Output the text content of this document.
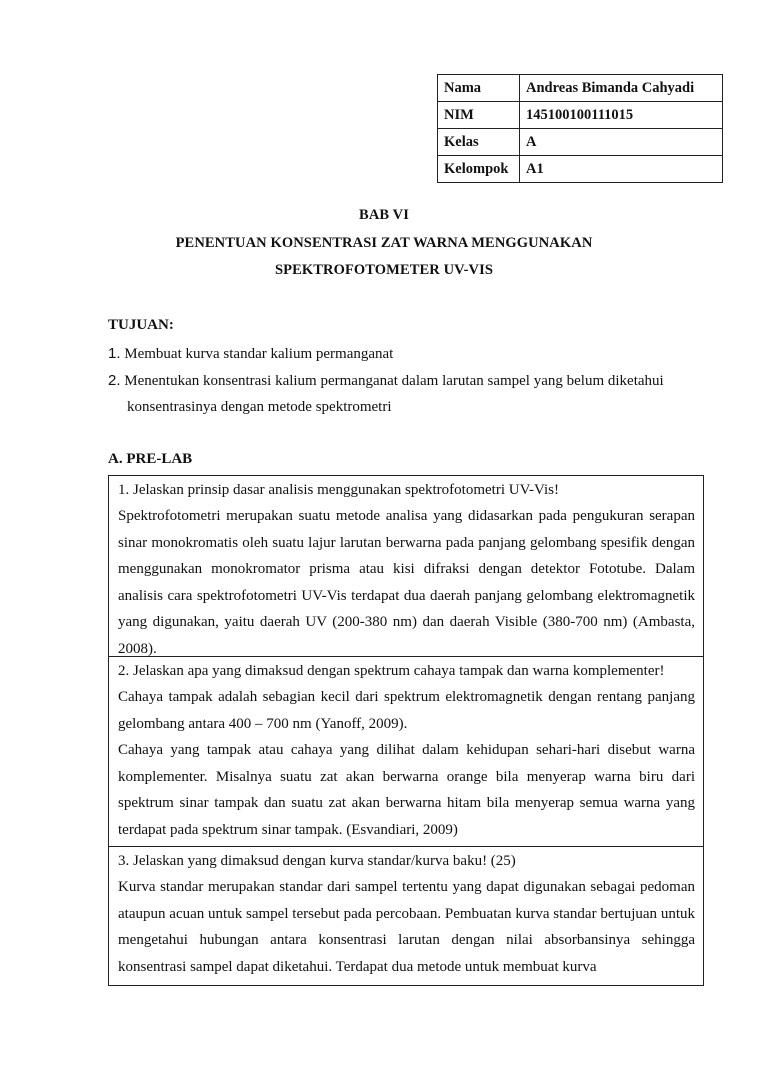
Nama	Andreas Bimanda Cahyadi
NIM	145100100111015
Kelas	A
Kelompok	A1
BAB VI
PENENTUAN KONSENTRASI ZAT WARNA MENGGUNAKAN
SPEKTROFOTOMETER UV-VIS
TUJUAN:
1. Membuat kurva standar kalium permanganat
2. Menentukan konsentrasi kalium permanganat dalam larutan sampel yang belum diketahui
konsentrasinya dengan metode spektrometri
A. PRE-LAB
1. Jelaskan prinsip dasar analisis menggunakan spektrofotometri UV-Vis!

Spektrofotometri merupakan suatu metode analisa yang didasarkan pada pengukuran serapan sinar monokromatis oleh suatu lajur larutan berwarna pada panjang gelombang spesifik dengan menggunakan monokromator prisma atau kisi difraksi dengan detektor Fototube. Dalam analisis cara spektrofotometri UV-Vis terdapat dua daerah panjang gelombang elektromagnetik yang digunakan, yaitu daerah UV (200-380 nm) dan daerah Visible (380-700 nm) (Ambasta, 2008).

2. Jelaskan apa yang dimaksud dengan spektrum cahaya tampak dan warna komplementer!

Cahaya tampak adalah sebagian kecil dari spektrum elektromagnetik dengan rentang panjang gelombang antara 400 – 700 nm (Yanoff, 2009).

Cahaya yang tampak atau cahaya yang dilihat dalam kehidupan sehari-hari disebut warna komplementer. Misalnya suatu zat akan berwarna orange bila menyerap warna biru dari spektrum sinar tampak dan suatu zat akan berwarna hitam bila menyerap semua warna yang terdapat pada spektrum sinar tampak. (Esvandiari, 2009)

3. Jelaskan yang dimaksud dengan kurva standar/kurva baku! (25)

Kurva standar merupakan standar dari sampel tertentu yang dapat digunakan sebagai pedoman ataupun acuan untuk sampel tersebut pada percobaan. Pembuatan kurva standar bertujuan untuk mengetahui hubungan antara konsentrasi larutan dengan nilai absorbansinya sehingga konsentrasi sampel dapat diketahui. Terdapat dua metode untuk membuat kurva
